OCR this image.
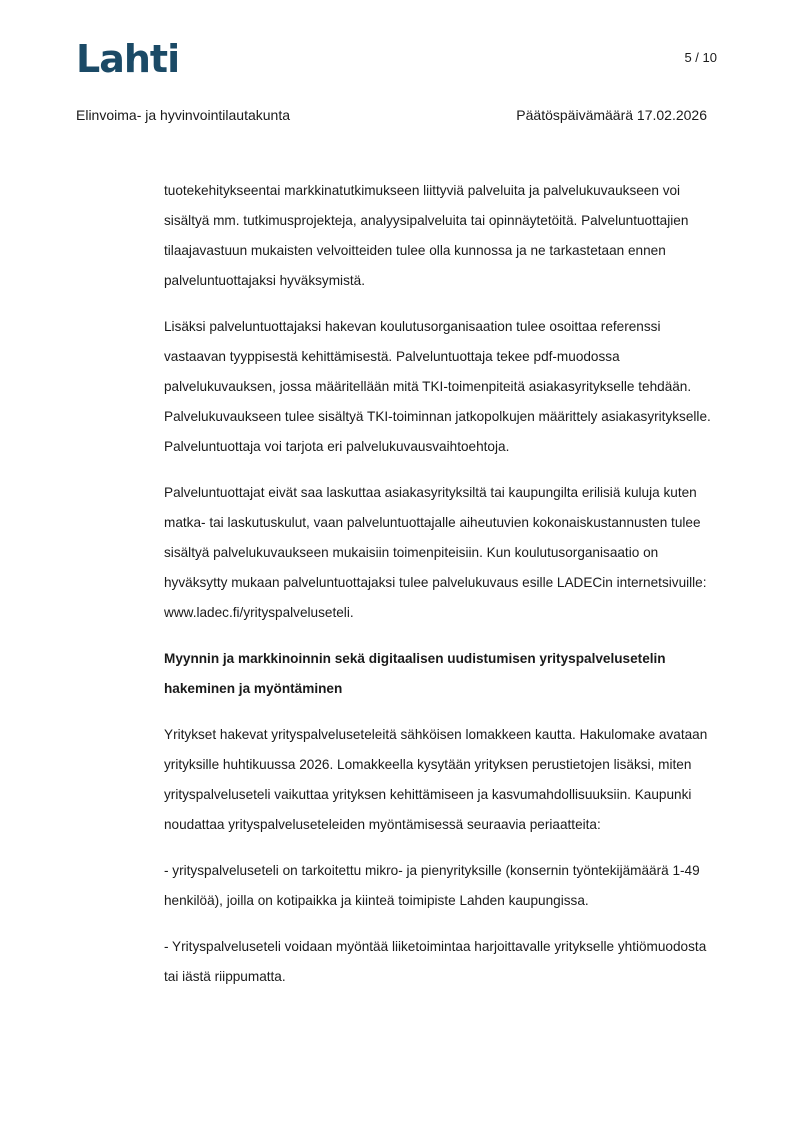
Lahti	5 / 10
Elinvoima- ja hyvinvointilautakunta	Päätöspäivämäärä 17.02.2026

tuotekehitykseentai markkinatutkimukseen liittyviä palveluita ja palvelukuvaukseen voi sisältyä mm. tutkimusprojekteja, analyysipalveluita tai opinnäytetöitä. Palveluntuottajien tilaajavastuun mukaisten velvoitteiden tulee olla kunnossa ja ne tarkastetaan ennen palveluntuottajaksi hyväksymistä.

Lisäksi palveluntuottajaksi hakevan koulutusorganisaation tulee osoittaa referenssi vastaavan tyyppisestä kehittämisestä. Palveluntuottaja tekee pdf-muodossa palvelukuvauksen, jossa määritellään mitä TKI-toimenpiteitä asiakasyritykselle tehdään. Palvelukuvaukseen tulee sisältyä TKI-toiminnan jatkopolkujen määrittely asiakasyritykselle. Palveluntuottaja voi tarjota eri palvelukuvausvaihtoehtoja.

Palveluntuottajat eivät saa laskuttaa asiakasyrityksiltä tai kaupungilta erilisiä kuluja kuten matka- tai laskutuskulut, vaan palveluntuottajalle aiheutuvien kokonaiskustannusten tulee sisältyä palvelukuvaukseen mukaisiin toimenpiteisiin. Kun koulutusorganisaatio on hyväksytty mukaan palveluntuottajaksi tulee palvelukuvaus esille LADECin internetsivuille: www.ladec.fi/yrityspalveluseteli.

Myynnin ja markkinoinnin sekä digitaalisen uudistumisen yrityspalvelusetelin hakeminen ja myöntäminen

Yritykset hakevat yrityspalveluseteleitä sähköisen lomakkeen kautta. Hakulomake avataan yrityksille huhtikuussa 2026. Lomakkeella kysytään yrityksen perustietojen lisäksi, miten yrityspalveluseteli vaikuttaa yrityksen kehittämiseen ja kasvumahdollisuuksiin. Kaupunki noudattaa yrityspalveluseteleiden myöntämisessä seuraavia periaatteita:

- yrityspalveluseteli on tarkoitettu mikro- ja pienyrityksille (konsernin työntekijämäärä 1-49 henkilöä), joilla on kotipaikka ja kiinteä toimipiste Lahden kaupungissa.

- Yrityspalveluseteli voidaan myöntää liiketoimintaa harjoittavalle yritykselle yhtiömuodosta tai iästä riippumatta.
